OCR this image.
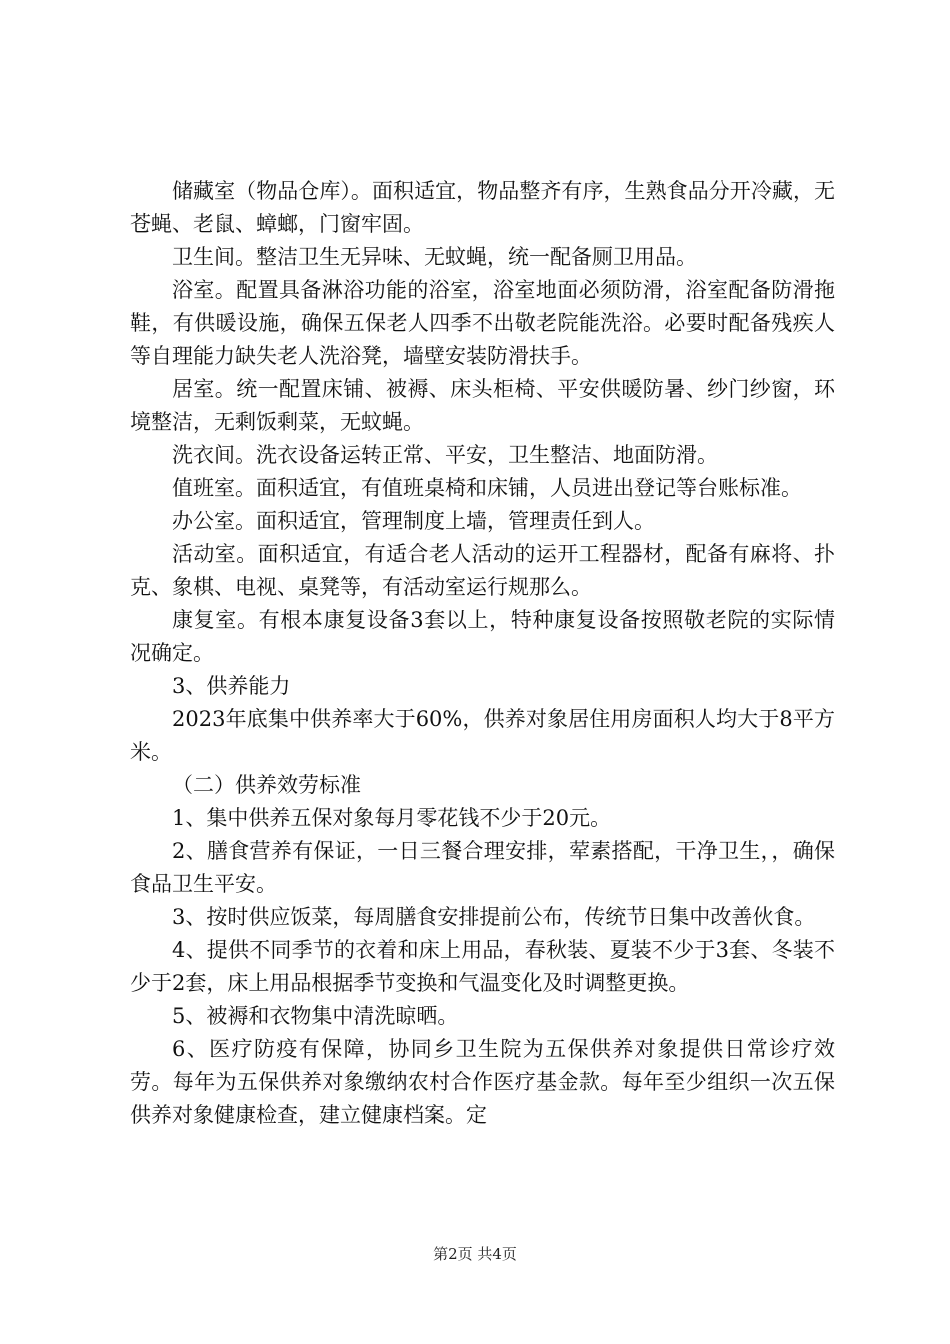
储藏室（物品仓库）。面积适宜，物品整齐有序，生熟食品分开冷藏，无苍蝇、老鼠、蟑螂，门窗牢固。

卫生间。整洁卫生无异味、无蚊蝇，统一配备厕卫用品。

浴室。配置具备淋浴功能的浴室，浴室地面必须防滑，浴室配备防滑拖鞋，有供暖设施，确保五保老人四季不出敬老院能洗浴。必要时配备残疾人等自理能力缺失老人洗浴凳，墙壁安装防滑扶手。

居室。统一配置床铺、被褥、床头柜椅、平安供暖防暑、纱门纱窗，环境整洁，无剩饭剩菜，无蚊蝇。

洗衣间。洗衣设备运转正常、平安，卫生整洁、地面防滑。

值班室。面积适宜，有值班桌椅和床铺，人员进出登记等台账标准。

办公室。面积适宜，管理制度上墙，管理责任到人。

活动室。面积适宜，有适合老人活动的运开工程器材，配备有麻将、扑克、象棋、电视、桌凳等，有活动室运行规那么。

康复室。有根本康复设备3套以上，特种康复设备按照敬老院的实际情况确定。

3、供养能力

2023年底集中供养率大于60%，供养对象居住用房面积人均大于8平方米。

（二）供养效劳标准

1、集中供养五保对象每月零花钱不少于20元。

2、膳食营养有保证，一日三餐合理安排，荤素搭配，干净卫生，，确保食品卫生平安。

3、按时供应饭菜，每周膳食安排提前公布，传统节日集中改善伙食。

4、提供不同季节的衣着和床上用品，春秋装、夏装不少于3套、冬装不少于2套，床上用品根据季节变换和气温变化及时调整更换。

5、被褥和衣物集中清洗晾晒。

6、医疗防疫有保障，协同乡卫生院为五保供养对象提供日常诊疗效劳。每年为五保供养对象缴纳农村合作医疗基金款。每年至少组织一次五保供养对象健康检查，建立健康档案。定

第2页 共4页
